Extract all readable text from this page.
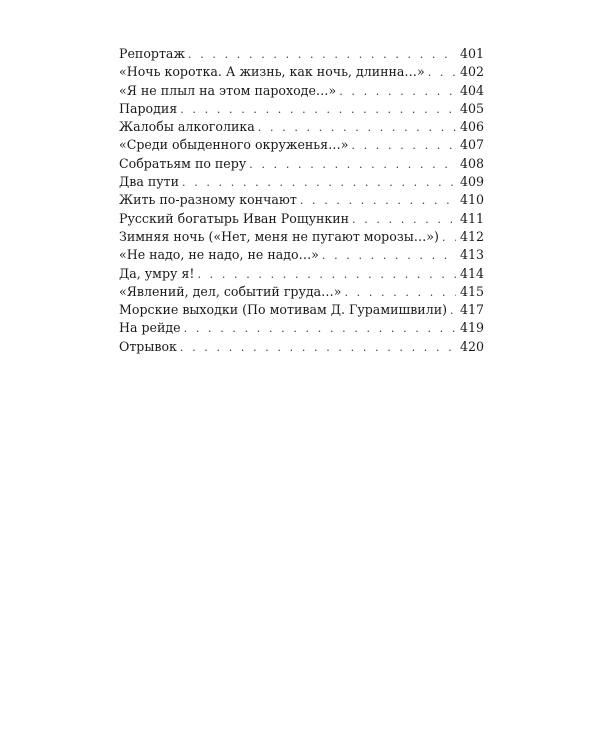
Репортаж . . .	401
«Ночь коротка. А жизнь, как ночь, длинна…» . . .	402
«Я не плыл на этом пароходе…» . . .	404
Пародия . . .	405
Жалобы алкоголика . . .	406
«Среди обыденного окруженья…» . . .	407
Собратьям по перу . . .	408
Два пути . . .	409
Жить по-разному кончают . . .	410
Русский богатырь Иван Рощункин . . .	411
Зимняя ночь («Нет, меня не пугают морозы…») . . .	412
«Не надо, не надо, не надо…» . . .	413
Да, умру я! . . .	414
«Явлений, дел, событий груда…» . . .	415
Морские выходки (По мотивам Д. Гурамишвили) . . .	417
На рейде . . .	419
Отрывок . . .	420
